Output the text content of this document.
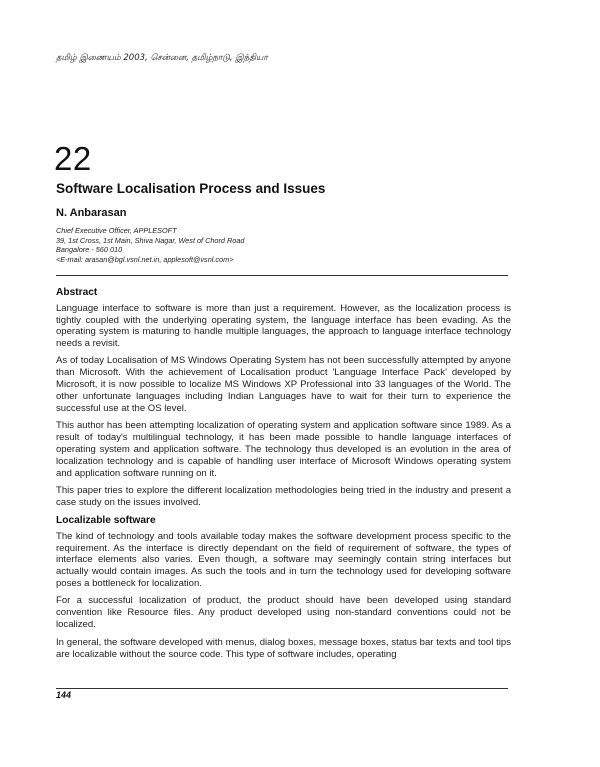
தமிழ் இணையம் 2003, சென்னை, தமிழ்நாடு, இந்தியா
22
Software Localisation Process and Issues
N. Anbarasan
Chief Executive Officer, APPLESOFT
39, 1st Cross, 1st Main, Shiva Nagar, West of Chord Road
Bangalore - 560 010
<E-mail: arasan@bgl.vsnl.net.in, applesoft@vsnl.com>
Abstract

Language interface to software is more than just a requirement. However, as the localization process is tightly coupled with the underlying operating system, the language interface has been evading. As the operating system is maturing to handle multiple languages, the approach to language interface technology needs a revisit.

As of today Localisation of MS Windows Operating System has not been successfully attempted by anyone than Microsoft. With the achievement of Localisation product 'Language Interface Pack' developed by Microsoft, it is now possible to localize MS Windows XP Professional into 33 languages of the World. The other unfortunate languages including Indian Languages have to wait for their turn to experience the successful use at the OS level.

This author has been attempting localization of operating system and application software since 1989. As a result of today's multilingual technology, it has been made possible to handle language interfaces of operating system and application software. The technology thus developed is an evolution in the area of localization technology and is capable of handling user interface of Microsoft Windows operating system and application software running on it.

This paper tries to explore the different localization methodologies being tried in the industry and present a case study on the issues involved.

Localizable software

The kind of technology and tools available today makes the software development process specific to the requirement. As the interface is directly dependant on the field of requirement of software, the types of interface elements also varies. Even though, a software may seemingly contain string interfaces but actually would contain images. As such the tools and in turn the technology used for developing software poses a bottleneck for localization.

For a successful localization of product, the product should have been developed using standard convention like Resource files. Any product developed using non-standard conventions could not be localized.

In general, the software developed with menus, dialog boxes, message boxes, status bar texts and tool tips are localizable without the source code. This type of software includes, operating

144
